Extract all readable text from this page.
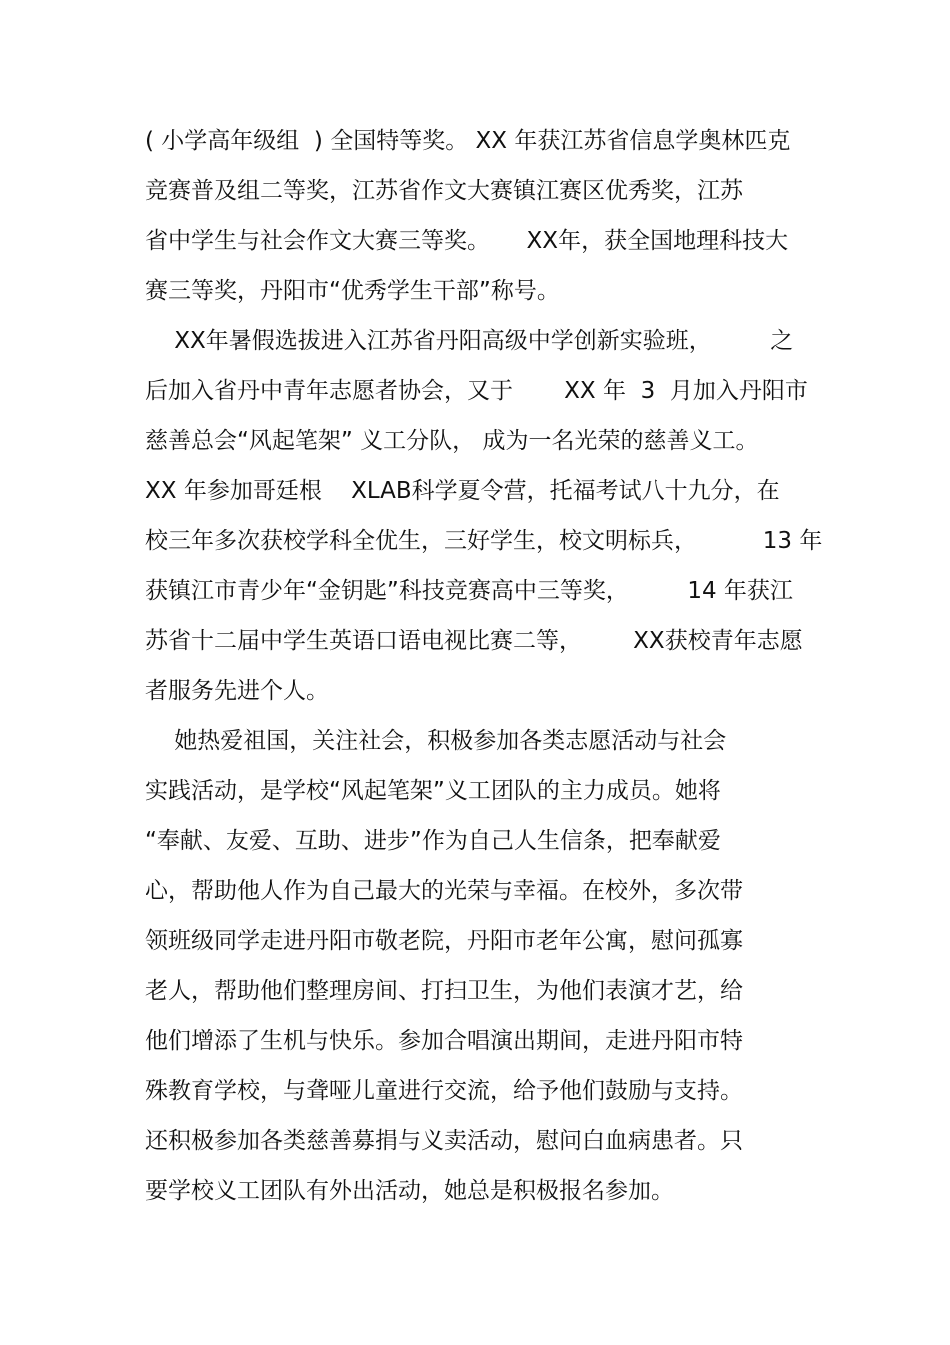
( 小学高年级组  ) 全国特等奖。 XX 年获江苏省信息学奥林匹克
竞赛普及组二等奖，江苏省作文大赛镇江赛区优秀奖，江苏
省中学生与社会作文大赛三等奖。     XX年，获全国地理科技大
赛三等奖，丹阳市“优秀学生干部”称号。
XX年暑假选拔进入江苏省丹阳高级中学创新实验班，        之
后加入省丹中青年志愿者协会，又于       XX 年  3  月加入丹阳市
慈善总会“风起笔架” 义工分队， 成为一名光荣的慈善义工。
XX 年参加哥廷根    XLAB科学夏令营，托福考试八十九分，在
校三年多次获校学科全优生，三好学生，校文明标兵，         13 年
获镇江市青少年“金钥匙”科技竞赛高中三等奖，        14 年获江
苏省十二届中学生英语口语电视比赛二等，       XX获校青年志愿
者服务先进个人。
她热爱祖国，关注社会，积极参加各类志愿活动与社会
实践活动，是学校“风起笔架”义工团队的主力成员。她将
“奉献、友爱、互助、进步”作为自己人生信条，把奉献爱
心，帮助他人作为自己最大的光荣与幸福。在校外，多次带
领班级同学走进丹阳市敬老院，丹阳市老年公寓，慰问孤寡
老人，帮助他们整理房间、打扫卫生，为他们表演才艺，给
他们增添了生机与快乐。参加合唱演出期间，走进丹阳市特
殊教育学校，与聋哑儿童进行交流，给予他们鼓励与支持。
还积极参加各类慈善募捐与义卖活动，慰问白血病患者。只
要学校义工团队有外出活动，她总是积极报名参加。
